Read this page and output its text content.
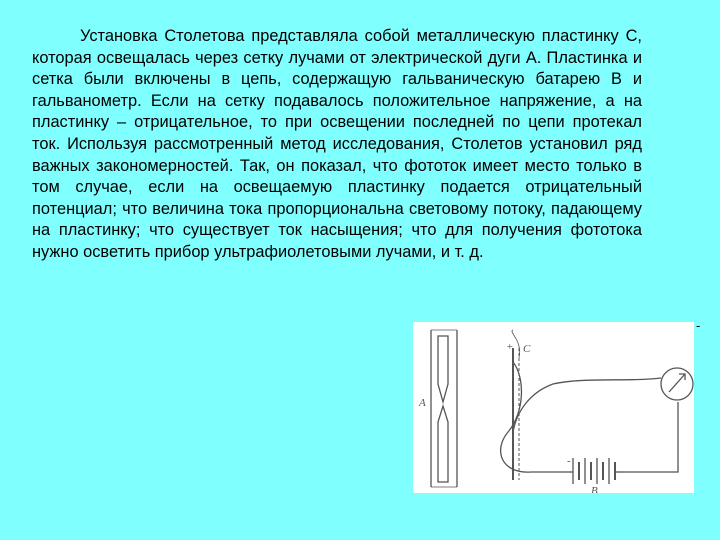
Установка Столетова представляла собой металлическую пластинку С, которая освещалась через сетку лучами от электрической дуги А. Пластинка и сетка были включены в цепь, содержащую гальваническую батарею В и гальванометр. Если на сетку подавалось положительное напряжение, а на пластинку – отрицательное, то при освещении последней по цепи протекал ток. Используя рассмотренный метод исследования, Столетов установил ряд важных закономерностей. Так, он показал, что фототок имеет место только в том случае, если на освещаемую пластинку подается отрицательный потенциал; что величина тока пропорциональна световому потоку, падающему на пластинку; что существует ток насыщения; что для получения фототока нужно осветить прибор ультрафиолетовыми лучами, и т. д.

A
C
B
+
-
-
